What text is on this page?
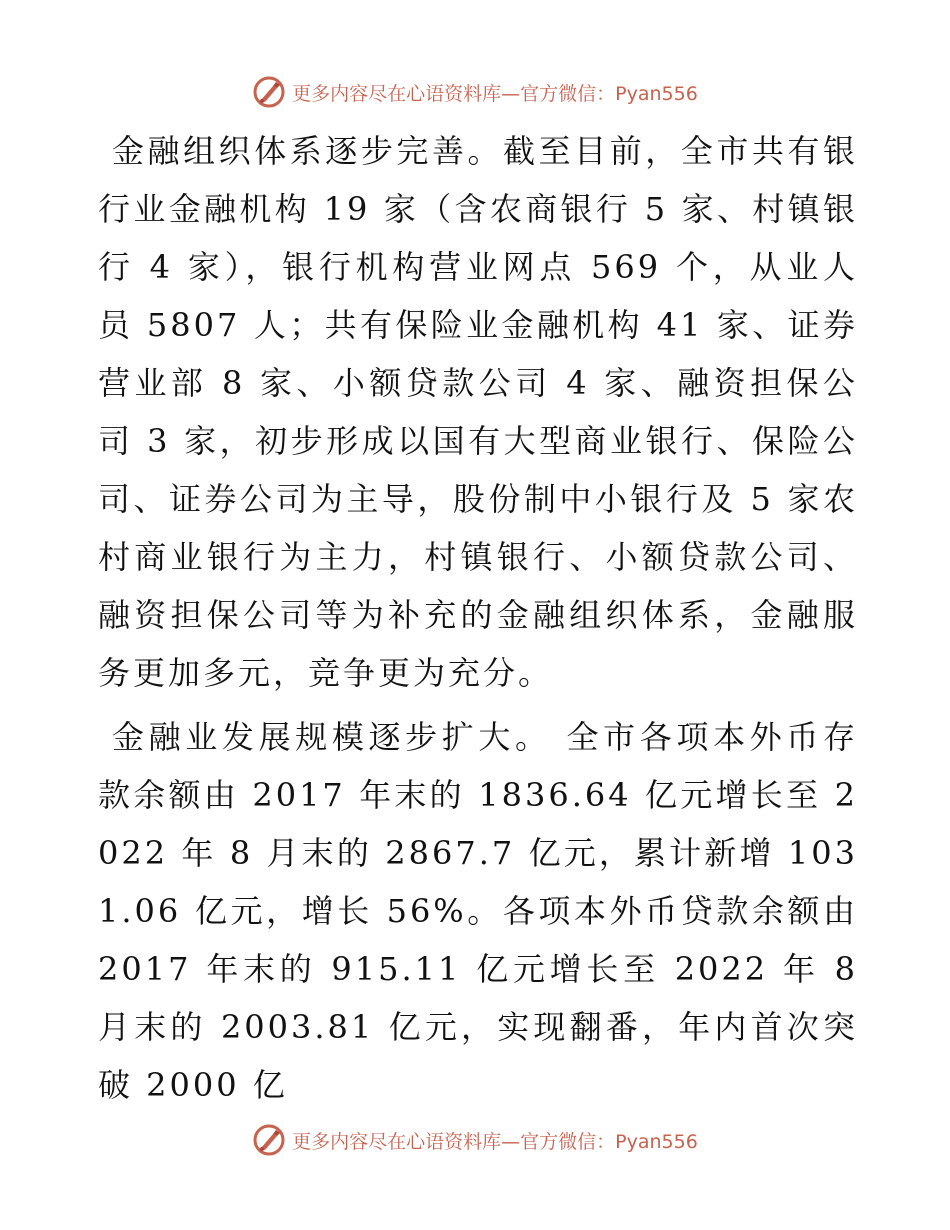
更多内容尽在心语资料库—官方微信：Pyan556

金融组织体系逐步完善。截至目前，全市共有银行业金融机构 19 家（含农商银行 5 家、村镇银行 4 家），银行机构营业网点 569 个，从业人员 5807 人；共有保险业金融机构 41 家、证券营业部 8 家、小额贷款公司 4 家、融资担保公司 3 家，初步形成以国有大型商业银行、保险公司、证券公司为主导，股份制中小银行及 5 家农村商业银行为主力，村镇银行、小额贷款公司、融资担保公司等为补充的金融组织体系，金融服务更加多元，竞争更为充分。

金融业发展规模逐步扩大。 全市各项本外币存款余额由 2017 年末的 1836.64 亿元增长至 2022 年 8 月末的 2867.7 亿元，累计新增 1031.06 亿元，增长 56%。各项本外币贷款余额由 2017 年末的 915.11 亿元增长至 2022 年 8 月末的 2003.81 亿元，实现翻番，年内首次突破 2000 亿

更多内容尽在心语资料库—官方微信：Pyan556
